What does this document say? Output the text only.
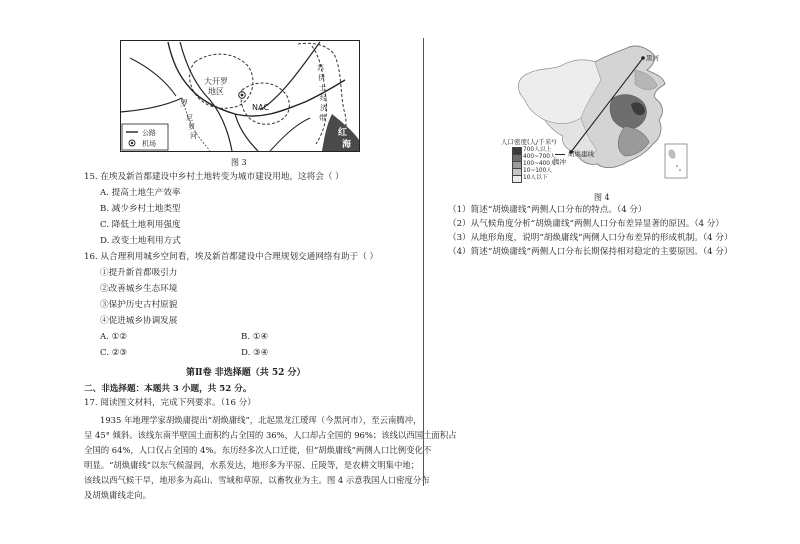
大开罗
地区
NAC
罗
尼
罗
河
苏
伊
士
经
济
带
红
海
公路
机场
图 3
15. 在埃及新首都建设中乡村土地转变为城市建设用地，这将会（ ）
A. 提高土地生产效率
B. 减少乡村土地类型
C. 降低土地利用强度
D. 改变土地利用方式
16. 从合理利用城乡空间看，埃及新首都建设中合理规划交通网络有助于（ ）
①提升新首都吸引力
②改善城乡生态环境
③保护历史古村原貌
④促进城乡协调发展
A. ①②	B. ①④
C. ②③	D. ③④
第Ⅱ卷 非选择题（共 52 分）
二、非选择题：本题共 3 小题，共 52 分。
17. 阅读图文材料，完成下列要求。（16 分）
1935 年地理学家胡焕庸提出“胡焕庸线”，北起黑龙江瑷珲（今黑河市），至云南腾冲，
呈 45° 倾斜。该线东南半壁国土面积约占全国的 36%，人口却占全国的 96%；该线以西国土面积占
全国的 64%，人口仅占全国的 4%。东历经多次人口迁徙，但“胡焕庸线”两侧人口比例变化不
明显。“胡焕庸线”以东气候湿润，水系发达，地形多为平原、丘陵等，是农耕文明集中地；
该线以西气候干旱，地形多为高山、雪域和草原，以畜牧业为主。图 4 示意我国人口密度分布
及胡焕庸线走向。
黑河
腾冲
人口密度(人/千米²)
700人以上
400~700人
100~400人
10~100人
10人以下
胡焕庸线
图 4
（1）简述“胡焕庸线”两侧人口分布的特点。（4 分）
（2）从气候角度分析“胡焕庸线”两侧人口分布差异显著的原因。（4 分）
（3）从地形角度，说明“胡焕庸线”两侧人口分布差异的形成机制。（4 分）
（4）简述“胡焕庸线”两侧人口分布长期保持相对稳定的主要原因。（4 分）
